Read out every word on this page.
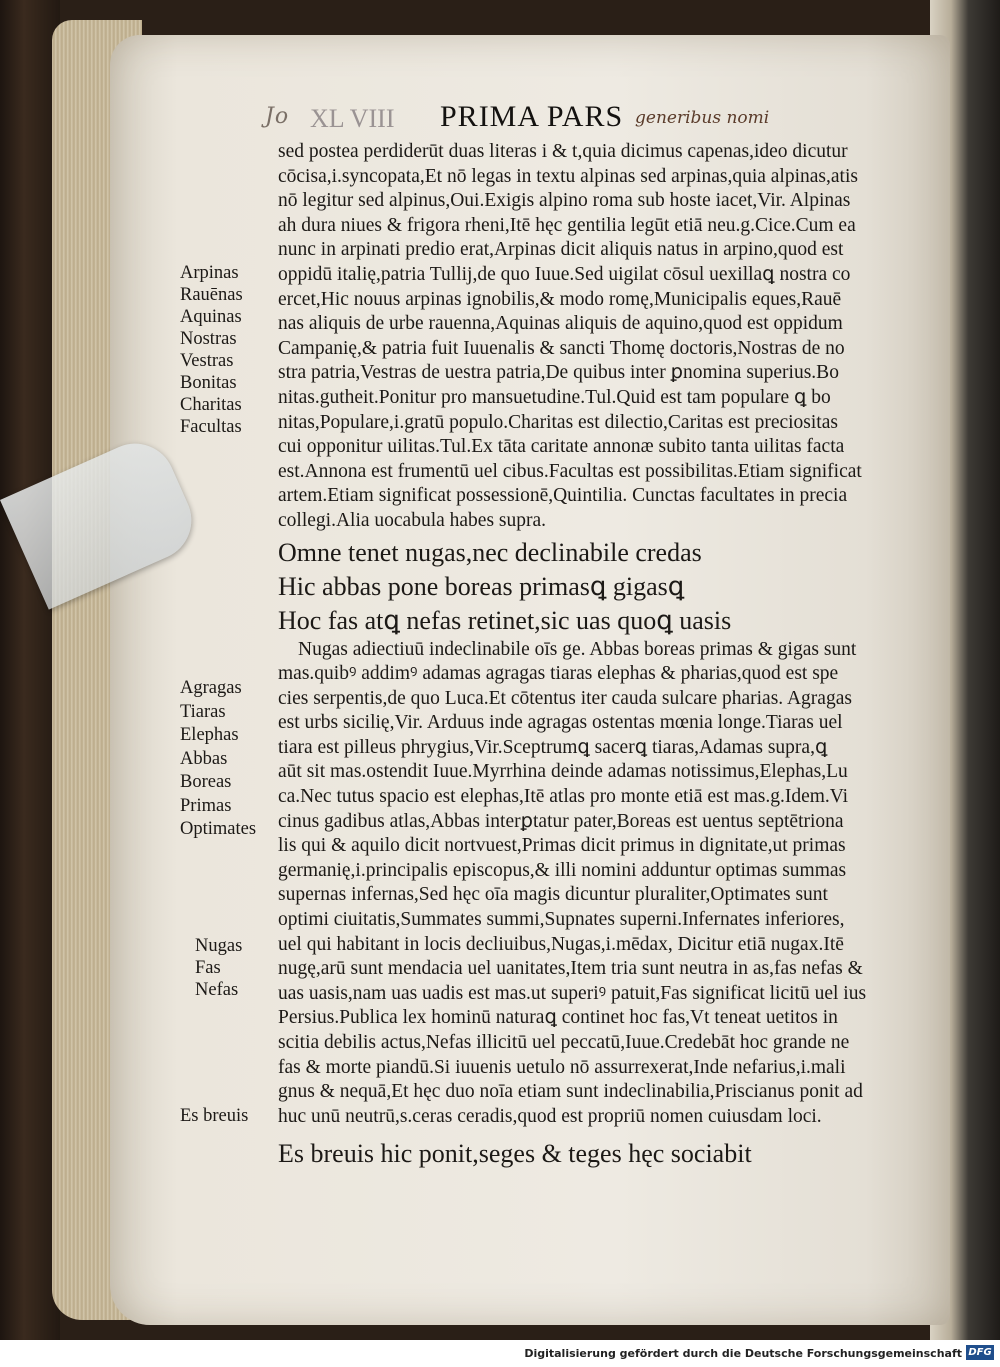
Jo XL VIII PRIMA PARS generibus nomi
Arpinas
Rauēnas
Aquinas
Nostras
Vestras
Bonitas
Charitas
Facultas
Agragas
Tiaras
Elephas
Abbas
Boreas
Primas
Optimates
Nugas
Fas
Nefas
Es breuis
sed postea perdiderūt duas literas i & t,quia dicimus capenas,ideo dicutur
cōcisa,i.syncopata,Et nō legas in textu alpinas sed arpinas,quia alpinas,atis
nō legitur sed alpinus,Oui.Exigis alpino roma sub hoste iacet,Vir. Alpinas
ah dura niues & frigora rheni,Itē hęc gentilia legūt etiā neu.g.Cice.Cum ea
nunc in arpinati predio erat,Arpinas dicit aliquis natus in arpino,quod est
oppidū italię,patria Tullij,de quo Iuue.Sed uigilat cōsul uexillaꝗ nostra co
ercet,Hic nouus arpinas ignobilis,& modo romę,Municipalis eques,Rauē
nas aliquis de urbe rauenna,Aquinas aliquis de aquino,quod est oppidum
Campanię,& patria fuit Iuuenalis & sancti Thomę doctoris,Nostras de no
stra patria,Vestras de uestra patria,De quibus inter ꝑnomina superius.Bo
nitas.gutheit.Ponitur pro mansuetudine.Tul.Quid est tam populare ꝗ bo
nitas,Populare,i.gratū populo.Charitas est dilectio,Caritas est preciositas
cui opponitur uilitas.Tul.Ex tāta caritate annonæ subito tanta uilitas facta
est.Annona est frumentū uel cibus.Facultas est possibilitas.Etiam significat
artem.Etiam significat possessionē,Quintilia. Cunctas facultates in precia
collegi.Alia uocabula habes supra.
Omne tenet nugas,nec declinabile credas
Hic abbas pone boreas primasꝗ gigasꝗ
Hoc fas atꝗ nefas retinet,sic uas quoꝗ uasis
Nugas adiectiuū indeclinabile oīs ge. Abbas boreas primas & gigas sunt
mas.quibꝰ addimꝰ adamas agragas tiaras elephas & pharias,quod est spe
cies serpentis,de quo Luca.Et cōtentus iter cauda sulcare pharias. Agragas
est urbs sicilię,Vir. Arduus inde agragas ostentas mœnia longe.Tiaras uel
tiara est pilleus phrygius,Vir.Sceptrumꝗ sacerꝗ tiaras,Adamas supra,ꝗ
aūt sit mas.ostendit Iuue.Myrrhina deinde adamas notissimus,Elephas,Lu
ca.Nec tutus spacio est elephas,Itē atlas pro monte etiā est mas.g.Idem.Vi
cinus gadibus atlas,Abbas interꝑtatur pater,Boreas est uentus septētriona
lis qui & aquilo dicit nortvuest,Primas dicit primus in dignitate,ut primas
germanię,i.principalis episcopus,& illi nomini adduntur optimas summas
supernas infernas,Sed hęc oīa magis dicuntur pluraliter,Optimates sunt
optimi ciuitatis,Summates summi,Supnates superni.Infernates inferiores,
uel qui habitant in locis decliuibus,Nugas,i.mēdax, Dicitur etiā nugax.Itē
nugę,arū sunt mendacia uel uanitates,Item tria sunt neutra in as,fas nefas &
uas uasis,nam uas uadis est mas.ut superiꝰ patuit,Fas significat licitū uel ius
Persius.Publica lex hominū naturaꝗ continet hoc fas,Vt teneat uetitos in
scitia debilis actus,Nefas illicitū uel peccatū,Iuue.Credebāt hoc grande ne
fas & morte piandū.Si iuuenis uetulo nō assurrexerat,Inde nefarius,i.mali
gnus & nequā,Et hęc duo noīa etiam sunt indeclinabilia,Priscianus ponit ad
huc unū neutrū,s.ceras ceradis,quod est propriū nomen cuiusdam loci.
Es breuis hic ponit,seges & teges hęc sociabit
Digitalisierung gefördert durch die Deutsche Forschungsgemeinschaft DFG
